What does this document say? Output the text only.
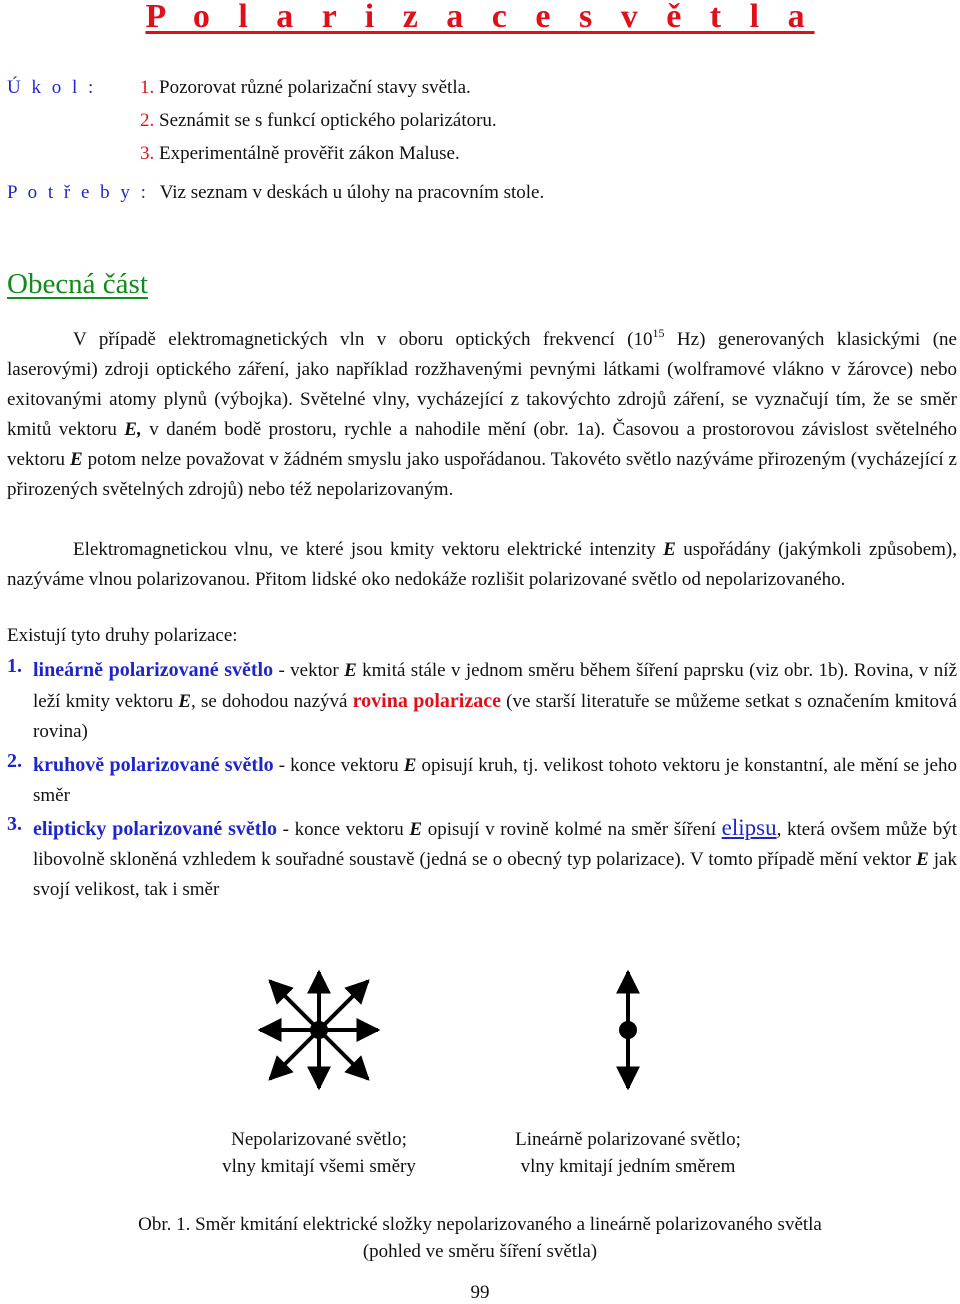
P o l a r i z a c e s v ě t l a
Ú k o l : 1. Pozorovat různé polarizační stavy světla.
2. Seznámit se s funkcí optického polarizátoru.
3. Experimentálně prověřit zákon Maluse.
P o t ř e b y : Viz seznam v deskách u úlohy na pracovním stole.
Obecná část
V případě elektromagnetických vln v oboru optických frekvencí ($10^{15}$ Hz) generovaných klasickými (ne laserovými) zdroji optického záření, jako například rozžhavenými pevnými látkami (wolframové vlákno v žárovce) nebo exitovanými atomy plynů (výbojka). Světelné vlny, vycházející z takovýchto zdrojů záření, se vyznačují tím, že se směr kmitů vektoru E, v daném bodě prostoru, rychle a nahodile mění (obr. 1a). Časovou a prostorovou závislost světelného vektoru E potom nelze považovat v žádném smyslu jako uspořádanou. Takovéto světlo nazýváme přirozeným (vycházející z přirozených světelných zdrojů) nebo též nepolarizovaným.
Elektromagnetickou vlnu, ve které jsou kmity vektoru elektrické intenzity E uspořádány (jakýmkoli způsobem), nazýváme vlnou polarizovanou. Přitom lidské oko nedokáže rozlišit polarizované světlo od nepolarizovaného.
Existují tyto druhy polarizace:
1. lineárně polarizované světlo - vektor E kmitá stále v jednom směru během šíření paprsku (viz obr. 1b). Rovina, v níž leží kmity vektoru E, se dohodou nazývá rovina polarizace (ve starší literatuře se můžeme setkat s označením kmitová rovina)
2. kruhově polarizované světlo - konce vektoru E opisují kruh, tj. velikost tohoto vektoru je konstantní, ale mění se jeho směr
3. elipticky polarizované světlo - konce vektoru E opisují v rovině kolmé na směr šíření elipsu, která ovšem může být libovolně skloněná vzhledem k souřadné soustavě (jedná se o obecný typ polarizace). V tomto případě mění vektor E jak svojí velikost, tak i směr
Nepolarizované světlo;
vlny kmitají všemi směry
Lineárně polarizované světlo;
vlny kmitají jedním směrem
Obr. 1. Směr kmitání elektrické složky nepolarizovaného a lineárně polarizovaného světla
(pohled ve směru šíření světla)
99
